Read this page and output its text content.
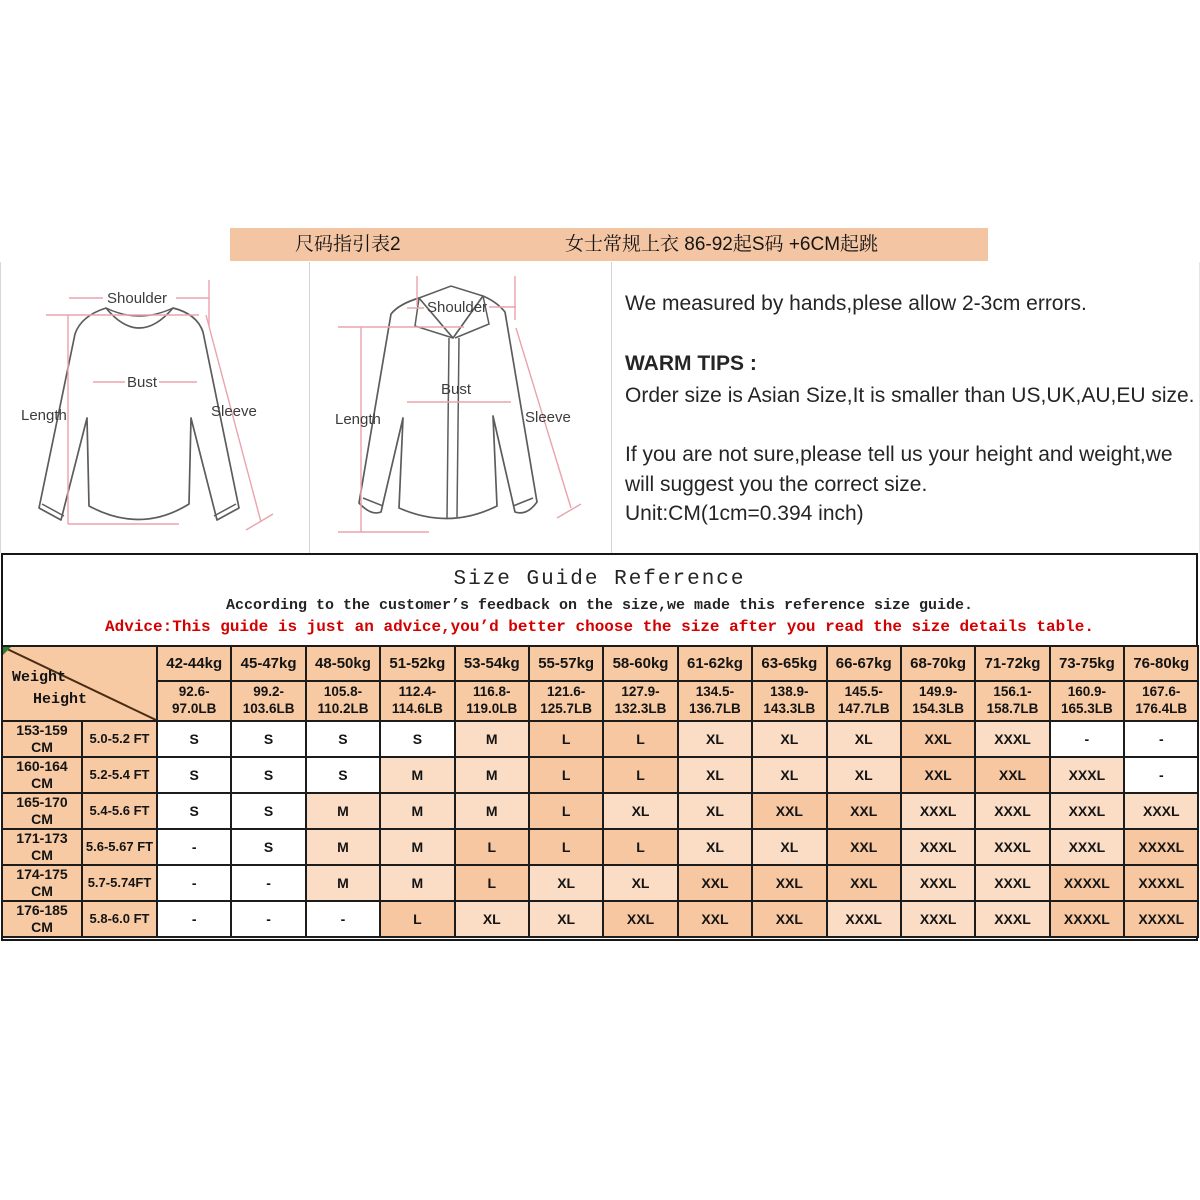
尺码指引表2	女士常规上衣 86-92起S码 +6CM起跳
Shoulder
Bust
Length	Sleeve
Shoulder
Bust
Length	Sleeve
We measured by hands,plese allow 2-3cm errors.
WARM TIPS :
Order size is Asian Size,It is smaller than US,UK,AU,EU size.
If you are not sure,please tell us your height and weight,we will suggest you the correct size.
Unit:CM(1cm=0.394 inch)
Size Guide Reference
According to the customer’s feedback on the size,we made this reference size guide.
Advice:This guide is just an advice,you’d better choose the size after you read the size details table.
Weight
Height		42-44kg	45-47kg	48-50kg	51-52kg	53-54kg	55-57kg	58-60kg	61-62kg	63-65kg	66-67kg	68-70kg	71-72kg	73-75kg	76-80kg
		92.6-
97.0LB	99.2-
103.6LB	105.8-
110.2LB	112.4-
114.6LB	116.8-
119.0LB	121.6-
125.7LB	127.9-
132.3LB	134.5-
136.7LB	138.9-
143.3LB	145.5-
147.7LB	149.9-
154.3LB	156.1-
158.7LB	160.9-
165.3LB	167.6-
176.4LB
153-159
CM	5.0-5.2 FT	S	S	S	S	M	L	L	XL	XL	XL	XXL	XXXL	-	-
160-164
CM	5.2-5.4 FT	S	S	S	M	M	L	L	XL	XL	XL	XXL	XXL	XXXL	-
165-170
CM	5.4-5.6 FT	S	S	M	M	M	L	XL	XL	XXL	XXL	XXXL	XXXL	XXXL	XXXL
171-173
CM	5.6-5.67 FT	-	S	M	M	L	L	L	XL	XL	XXL	XXXL	XXXL	XXXL	XXXXL
174-175
CM	5.7-5.74FT	-	-	M	M	L	XL	XL	XXL	XXL	XXL	XXXL	XXXL	XXXXL	XXXXL
176-185
CM	5.8-6.0 FT	-	-	-	L	XL	XL	XXL	XXL	XXL	XXXL	XXXL	XXXL	XXXXL	XXXXL
